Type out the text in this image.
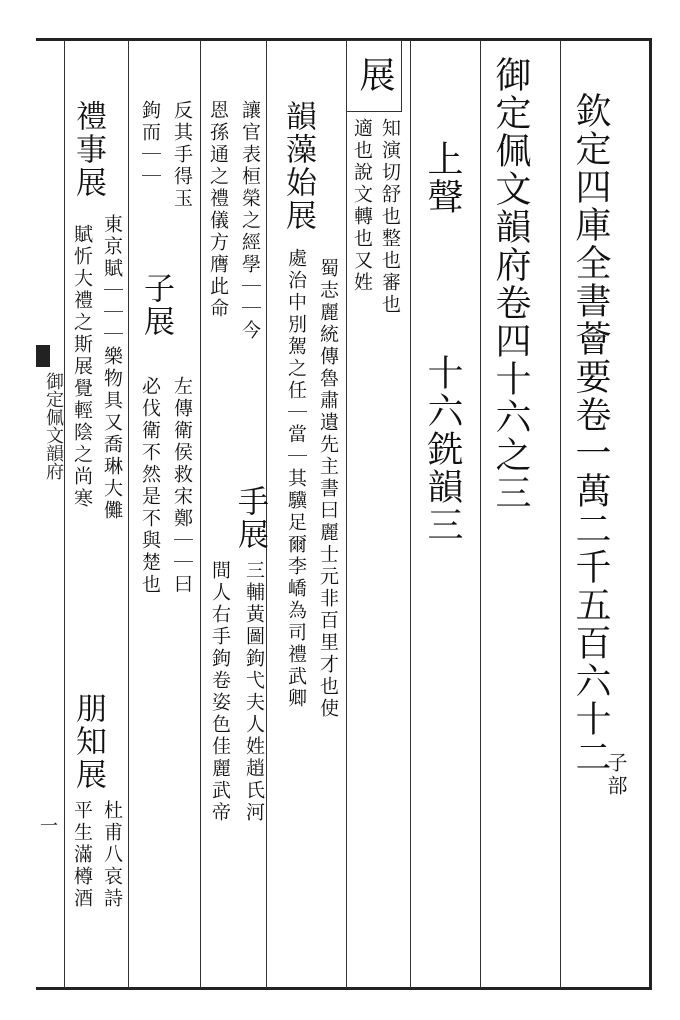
欽定四庫全書薈要卷一萬二千五百六十二
子部
御定佩文韻府卷四十六之三
上聲
十六銑韻三
展
知演切舒也整也審也
適也說文轉也又姓
韻藻始展
蜀志麗統傳魯肅遺先主書曰麗士元非百里才也使
處治中別駕之任｜當｜其驥足爾李嶠為司禮武卿
讓官表桓榮之經學｜｜今
手展
三輔黃圖鉤弋夫人姓趙氏河
恩孫通之禮儀方膺此命
間人右手鉤卷姿色佳麗武帝
反其手得玉
子展
左傳衛侯救宋鄭｜｜曰
鉤而｜｜
必伐衛不然是不與楚也
禮事展
東京賦｜｜｜樂物具又喬琳大儺
賦忻大禮之斯展覺輕陰之尚寒
朋知展
杜甫八哀詩
平生滿樽酒
御定佩文韻府
一
